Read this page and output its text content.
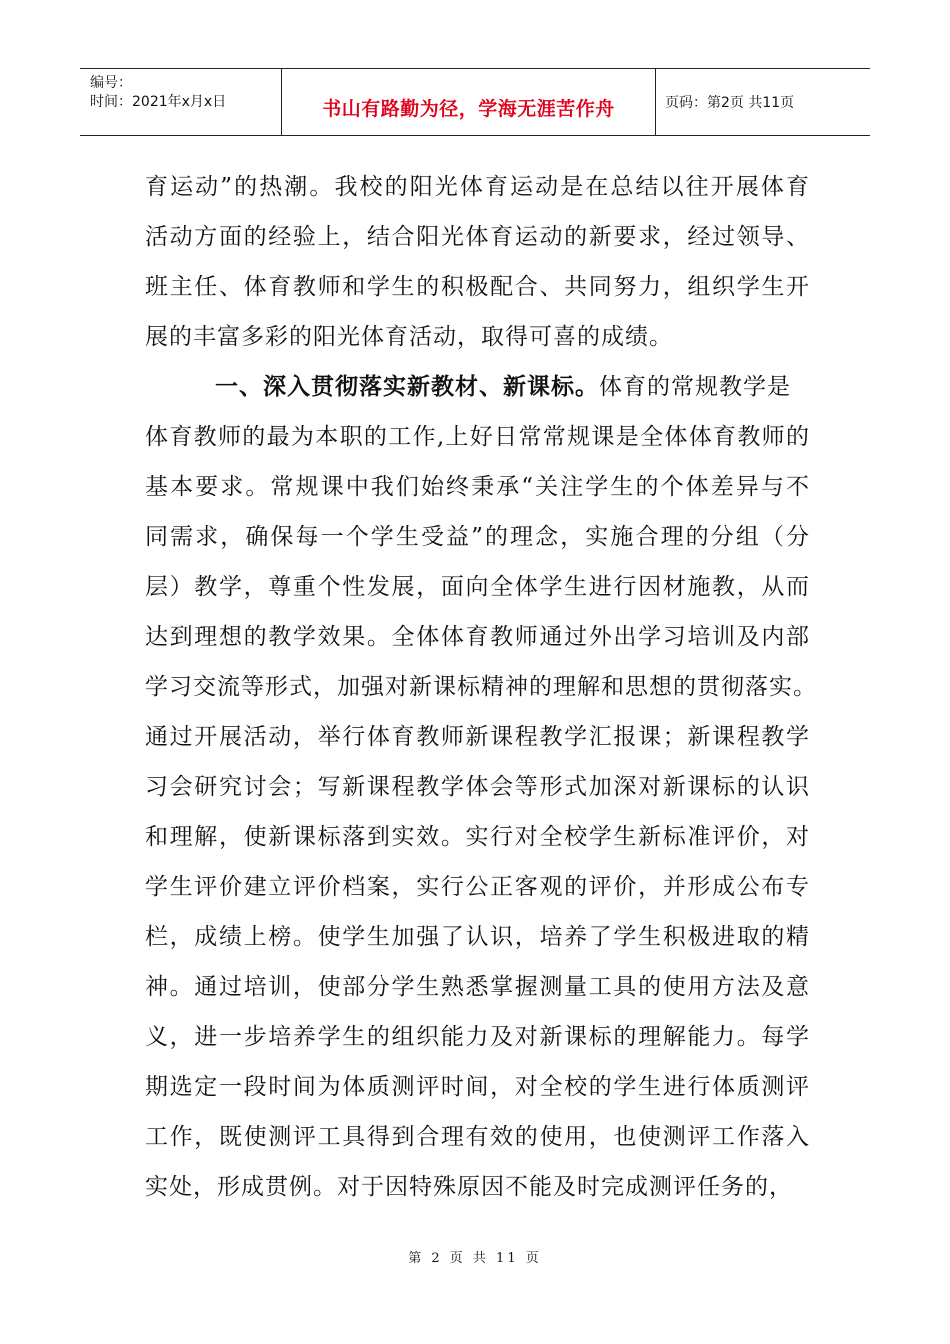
编号：
时间：2021年x月x日	书山有路勤为径，学海无涯苦作舟	页码：第2页 共11页
育运动”的热潮。我校的阳光体育运动是在总结以往开展体育
活动方面的经验上，结合阳光体育运动的新要求，经过领导、
班主任、体育教师和学生的积极配合、共同努力，组织学生开
展的丰富多彩的阳光体育活动，取得可喜的成绩。
一、深入贯彻落实新教材、新课标。体育的常规教学是
体育教师的最为本职的工作,上好日常常规课是全体体育教师的
基本要求。常规课中我们始终秉承“关注学生的个体差异与不
同需求，确保每一个学生受益”的理念，实施合理的分组（分
层）教学，尊重个性发展，面向全体学生进行因材施教，从而
达到理想的教学效果。全体体育教师通过外出学习培训及内部
学习交流等形式，加强对新课标精神的理解和思想的贯彻落实。
通过开展活动，举行体育教师新课程教学汇报课；新课程教学
习会研究讨会；写新课程教学体会等形式加深对新课标的认识
和理解，使新课标落到实效。实行对全校学生新标准评价，对
学生评价建立评价档案，实行公正客观的评价，并形成公布专
栏，成绩上榜。使学生加强了认识，培养了学生积极进取的精
神。通过培训，使部分学生熟悉掌握测量工具的使用方法及意
义，进一步培养学生的组织能力及对新课标的理解能力。每学
期选定一段时间为体质测评时间，对全校的学生进行体质测评
工作，既使测评工具得到合理有效的使用，也使测评工作落入
实处，形成贯例。对于因特殊原因不能及时完成测评任务的，
第 2 页 共 11 页
